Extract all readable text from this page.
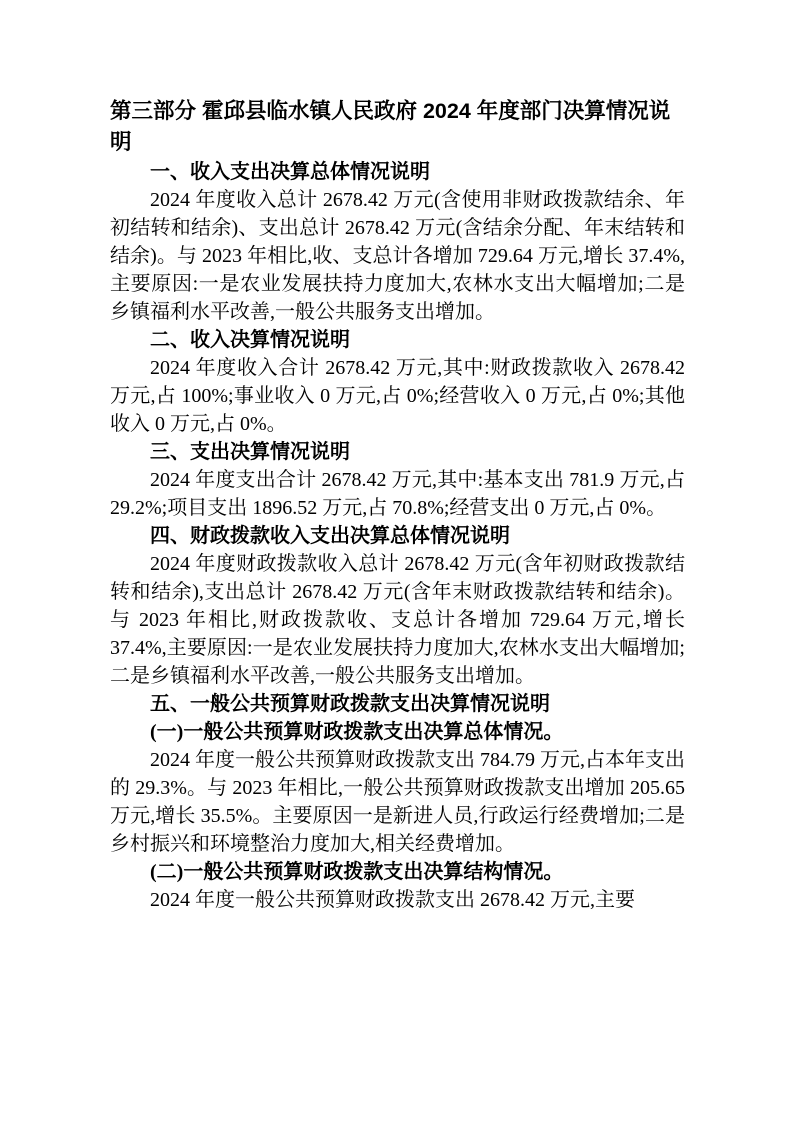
第三部分 霍邱县临水镇人民政府 2024 年度部门决算情况说明
一、收入支出决算总体情况说明
2024 年度收入总计 2678.42 万元(含使用非财政拨款结余、年初结转和结余)、支出总计 2678.42 万元(含结余分配、年末结转和结余)。与 2023 年相比,收、支总计各增加 729.64 万元,增长 37.4%,主要原因:一是农业发展扶持力度加大,农林水支出大幅增加;二是乡镇福利水平改善,一般公共服务支出增加。
二、收入决算情况说明
2024 年度收入合计 2678.42 万元,其中:财政拨款收入 2678.42 万元,占 100%;事业收入 0 万元,占 0%;经营收入 0 万元,占 0%;其他收入 0 万元,占 0%。
三、支出决算情况说明
2024 年度支出合计 2678.42 万元,其中:基本支出 781.9 万元,占 29.2%;项目支出 1896.52 万元,占 70.8%;经营支出 0 万元,占 0%。
四、财政拨款收入支出决算总体情况说明
2024 年度财政拨款收入总计 2678.42 万元(含年初财政拨款结转和结余),支出总计 2678.42 万元(含年末财政拨款结转和结余)。与 2023 年相比,财政拨款收、支总计各增加 729.64 万元,增长 37.4%,主要原因:一是农业发展扶持力度加大,农林水支出大幅增加;二是乡镇福利水平改善,一般公共服务支出增加。
五、一般公共预算财政拨款支出决算情况说明
(一)一般公共预算财政拨款支出决算总体情况。
2024 年度一般公共预算财政拨款支出 784.79 万元,占本年支出的 29.3%。与 2023 年相比,一般公共预算财政拨款支出增加 205.65 万元,增长 35.5%。主要原因一是新进人员,行政运行经费增加;二是乡村振兴和环境整治力度加大,相关经费增加。
(二)一般公共预算财政拨款支出决算结构情况。
2024 年度一般公共预算财政拨款支出 2678.42 万元,主要
